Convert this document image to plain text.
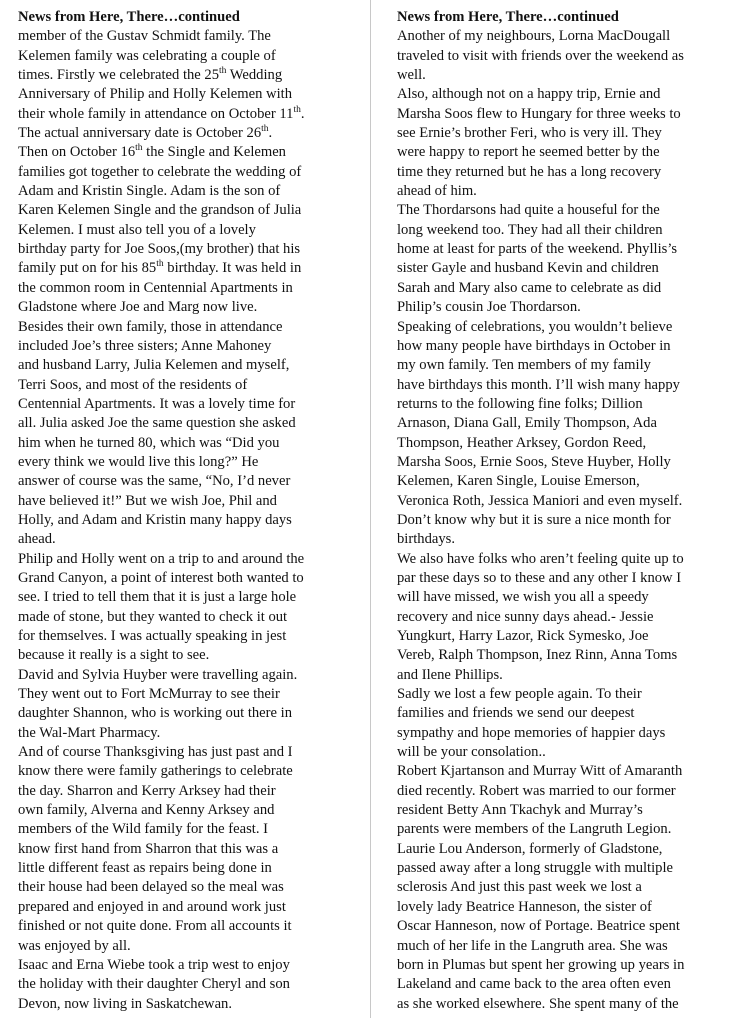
News from Here, There…continued
member of the Gustav Schmidt family. The
Kelemen family was celebrating a couple of
times. Firstly we celebrated the 25th Wedding
Anniversary of Philip and Holly Kelemen with
their whole family in attendance on October 11th.
The actual anniversary date is October 26th.
Then on October 16th the Single and Kelemen
families got together to celebrate the wedding of
Adam and Kristin Single. Adam is the son of
Karen Kelemen Single and the grandson of Julia
Kelemen. I must also tell you of a lovely
birthday party for Joe Soos,(my brother) that his
family put on for his 85th birthday. It was held in
the common room in Centennial Apartments in
Gladstone where Joe and Marg now live.
Besides their own family, those in attendance
included Joe’s three sisters; Anne Mahoney
and husband Larry, Julia Kelemen and myself,
Terri Soos, and most of the residents of
Centennial Apartments. It was a lovely time for
all. Julia asked Joe the same question she asked
him when he turned 80, which was “Did you
every think we would live this long?” He
answer of course was the same, “No, I’d never
have believed it!” But we wish Joe, Phil and
Holly, and Adam and Kristin many happy days
ahead.
Philip and Holly went on a trip to and around the
Grand Canyon, a point of interest both wanted to
see. I tried to tell them that it is just a large hole
made of stone, but they wanted to check it out
for themselves. I was actually speaking in jest
because it really is a sight to see.
David and Sylvia Huyber were travelling again.
They went out to Fort McMurray to see their
daughter Shannon, who is working out there in
the Wal-Mart Pharmacy.
And of course Thanksgiving has just past and I
know there were family gatherings to celebrate
the day. Sharron and Kerry Arksey had their
own family, Alverna and Kenny Arksey and
members of the Wild family for the feast. I
know first hand from Sharron that this was a
little different feast as repairs being done in
their house had been delayed so the meal was
prepared and enjoyed in and around work just
finished or not quite done. From all accounts it
was enjoyed by all.
Isaac and Erna Wiebe took a trip west to enjoy
the holiday with their daughter Cheryl and son
Devon, now living in Saskatchewan.
News from Here, There…continued
Another of my neighbours, Lorna MacDougall
traveled to visit with friends over the weekend as
well.
Also, although not on a happy trip, Ernie and
Marsha Soos flew to Hungary for three weeks to
see Ernie’s brother Feri, who is very ill. They
were happy to report he seemed better by the
time they returned but he has a long recovery
ahead of him.
The Thordarsons had quite a houseful for the
long weekend too. They had all their children
home at least for parts of the weekend. Phyllis’s
sister Gayle and husband Kevin and children
Sarah and Mary also came to celebrate as did
Philip’s cousin Joe Thordarson.
Speaking of celebrations, you wouldn’t believe
how many people have birthdays in October in
my own family. Ten members of my family
have birthdays this month. I’ll wish many happy
returns to the following fine folks; Dillion
Arnason, Diana Gall, Emily Thompson, Ada
Thompson, Heather Arksey, Gordon Reed,
Marsha Soos, Ernie Soos, Steve Huyber, Holly
Kelemen, Karen Single, Louise Emerson,
Veronica Roth, Jessica Maniori and even myself.
Don’t know why but it is sure a nice month for
birthdays.
We also have folks who aren’t feeling quite up to
par these days so to these and any other I know I
will have missed, we wish you all a speedy
recovery and nice sunny days ahead.- Jessie
Yungkurt, Harry Lazor, Rick Symesko, Joe
Vereb, Ralph Thompson, Inez Rinn, Anna Toms
and Ilene Phillips.
Sadly we lost a few people again. To their
families and friends we send our deepest
sympathy and hope memories of happier days
will be your consolation..
Robert Kjartanson and Murray Witt of Amaranth
died recently. Robert was married to our former
resident Betty Ann Tkachyk and Murray’s
parents were members of the Langruth Legion.
Laurie Lou Anderson, formerly of Gladstone,
passed away after a long struggle with multiple
sclerosis And just this past week we lost a
lovely lady Beatrice Hanneson, the sister of
Oscar Hanneson, now of Portage. Beatrice spent
much of her life in the Langruth area. She was
born in Plumas but spent her growing up years in
Lakeland and came back to the area often even
as she worked elsewhere. She spent many of the
